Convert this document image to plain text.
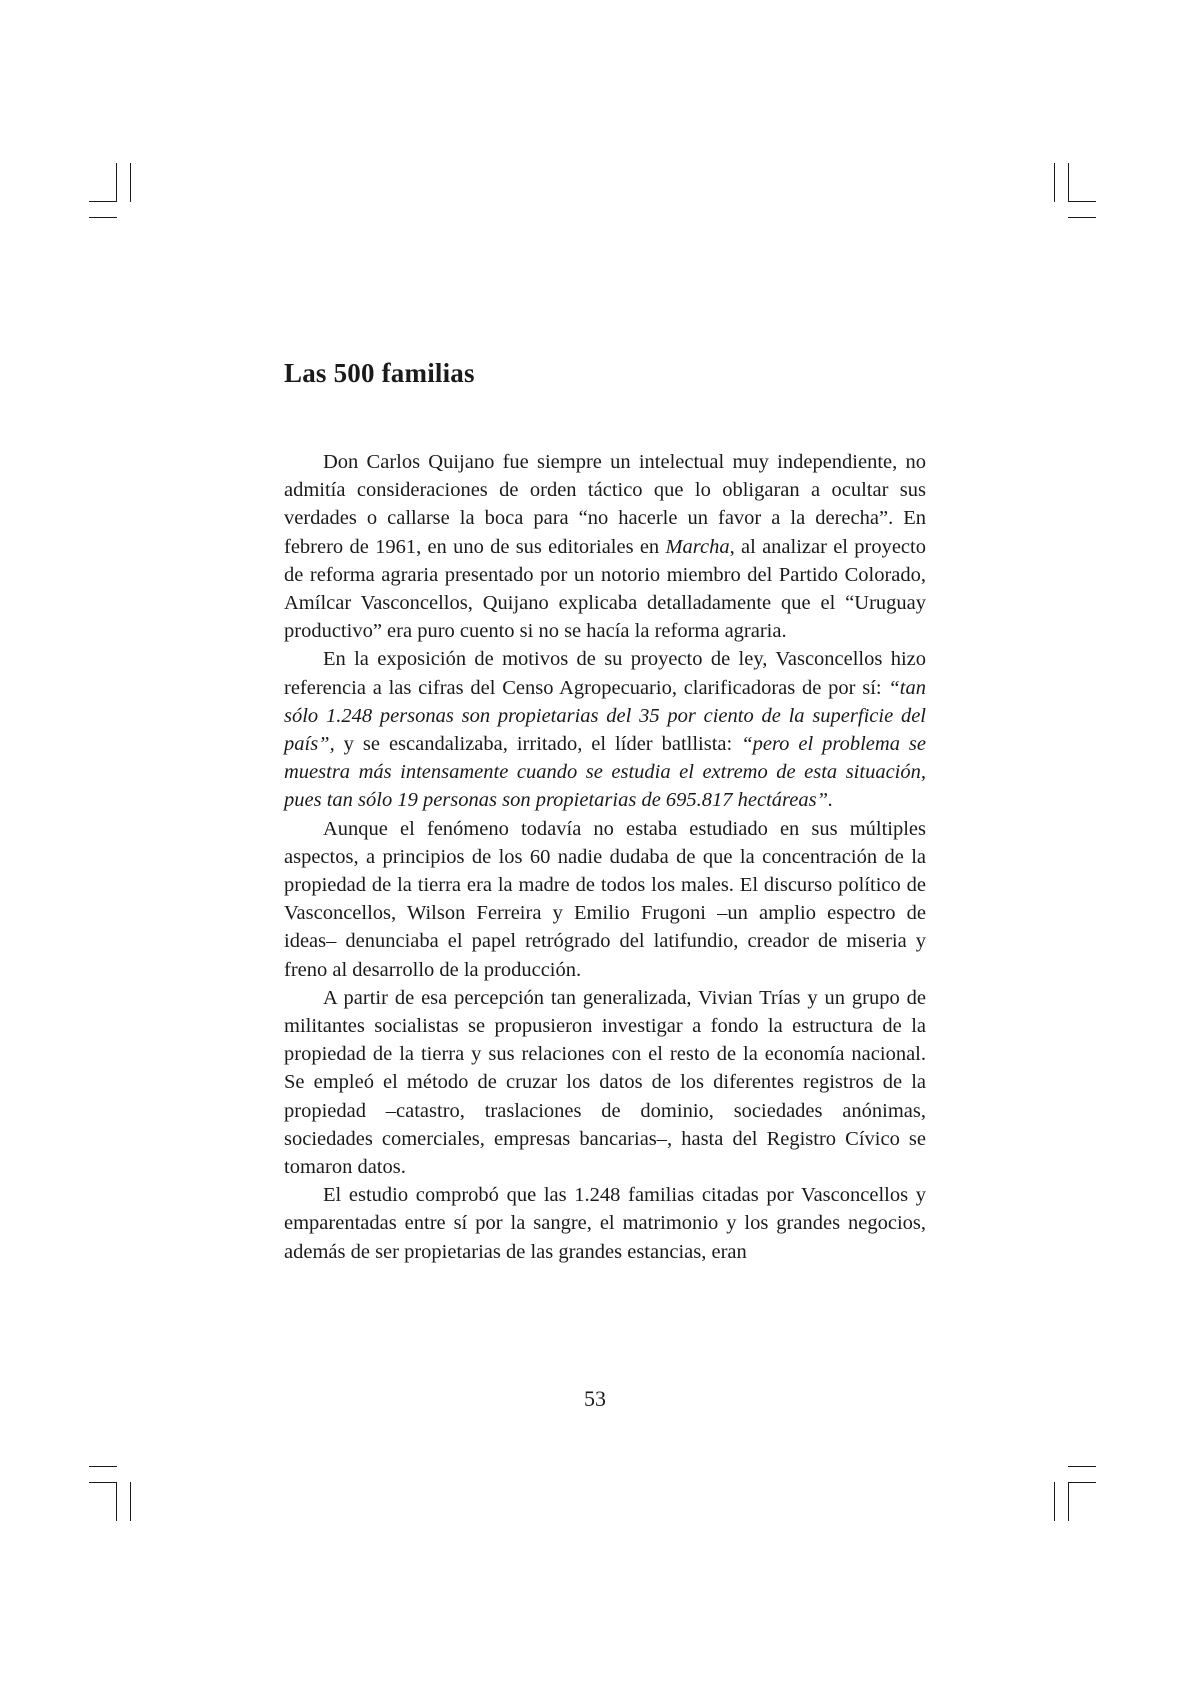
Las 500 familias

Don Carlos Quijano fue siempre un intelectual muy independiente, no admitía consideraciones de orden táctico que lo obligaran a ocultar sus verdades o callarse la boca para “no hacerle un favor a la derecha”. En febrero de 1961, en uno de sus editoriales en Marcha, al analizar el proyecto de reforma agraria presentado por un notorio miembro del Partido Colorado, Amílcar Vasconcellos, Quijano explicaba detalladamente que el “Uruguay productivo” era puro cuento si no se hacía la reforma agraria.

En la exposición de motivos de su proyecto de ley, Vasconcellos hizo referencia a las cifras del Censo Agropecuario, clarificadoras de por sí: “tan sólo 1.248 personas son propietarias del 35 por ciento de la superficie del país”, y se escandalizaba, irritado, el líder batllista: “pero el problema se muestra más intensamente cuando se estudia el extremo de esta situación, pues tan sólo 19 personas son propietarias de 695.817 hectáreas”.

Aunque el fenómeno todavía no estaba estudiado en sus múltiples aspectos, a principios de los 60 nadie dudaba de que la concentración de la propiedad de la tierra era la madre de todos los males. El discurso político de Vasconcellos, Wilson Ferreira y Emilio Frugoni –un amplio espectro de ideas– denunciaba el papel retrógrado del latifundio, creador de miseria y freno al desarrollo de la producción.

A partir de esa percepción tan generalizada, Vivian Trías y un grupo de militantes socialistas se propusieron investigar a fondo la estructura de la propiedad de la tierra y sus relaciones con el resto de la economía nacional. Se empleó el método de cruzar los datos de los diferentes registros de la propiedad –catastro, traslaciones de dominio, sociedades anónimas, sociedades comerciales, empresas bancarias–, hasta del Registro Cívico se tomaron datos.

El estudio comprobó que las 1.248 familias citadas por Vasconcellos y emparentadas entre sí por la sangre, el matrimonio y los grandes negocios, además de ser propietarias de las grandes estancias, eran

53
